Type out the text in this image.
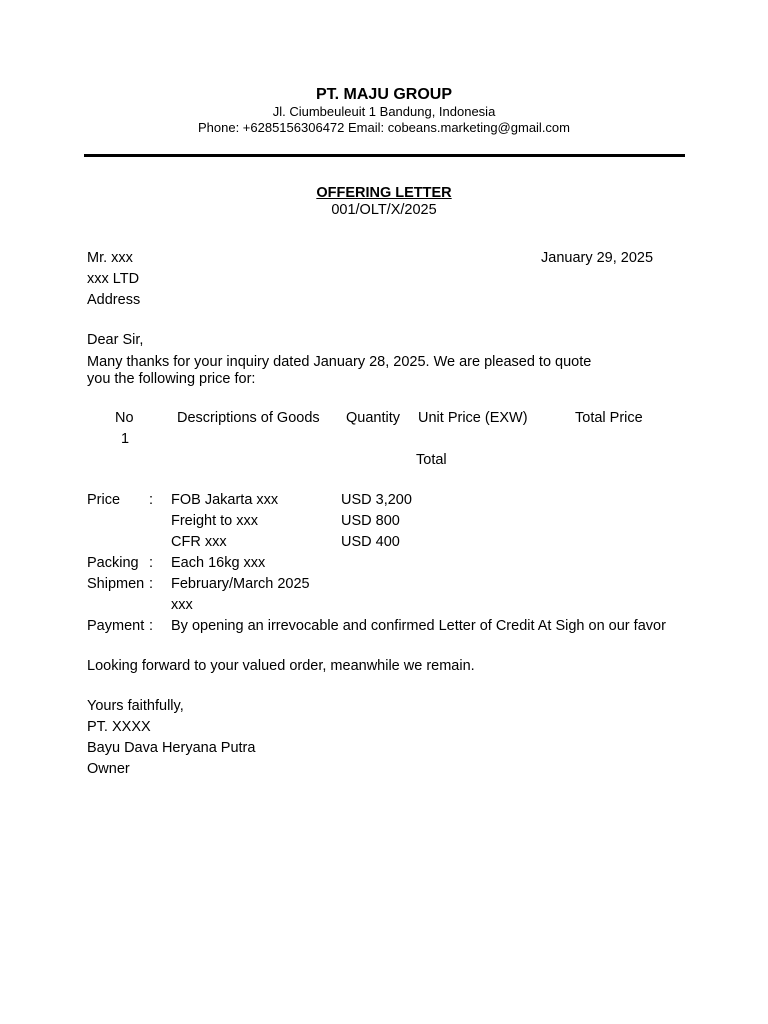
PT. MAJU GROUP
Jl. Ciumbeuleuit 1 Bandung, Indonesia
Phone: +6285156306472 Email: cobeans.marketing@gmail.com
OFFERING LETTER
001/OLT/X/2025
Mr. xxx	January 29, 2025
xxx LTD
Address
Dear Sir,
Many thanks for your inquiry dated January 28, 2025. We are pleased to quote
you the following price for:
No	Descriptions of Goods Quantity Unit Price (EXW)	Total Price
1
Total
Price : FOB Jakarta xxx	USD 3,200
Freight to xxx	USD 800
CFR xxx	USD 400
Packing : Each 16kg xxx
Shipmen : February/March 2025
xxx
Payment : By opening an irrevocable and confirmed Letter of Credit At Sigh on our favor
Looking forward to your valued order, meanwhile we remain.
Yours faithfully,
PT. XXXX
Bayu Dava Heryana Putra
Owner
